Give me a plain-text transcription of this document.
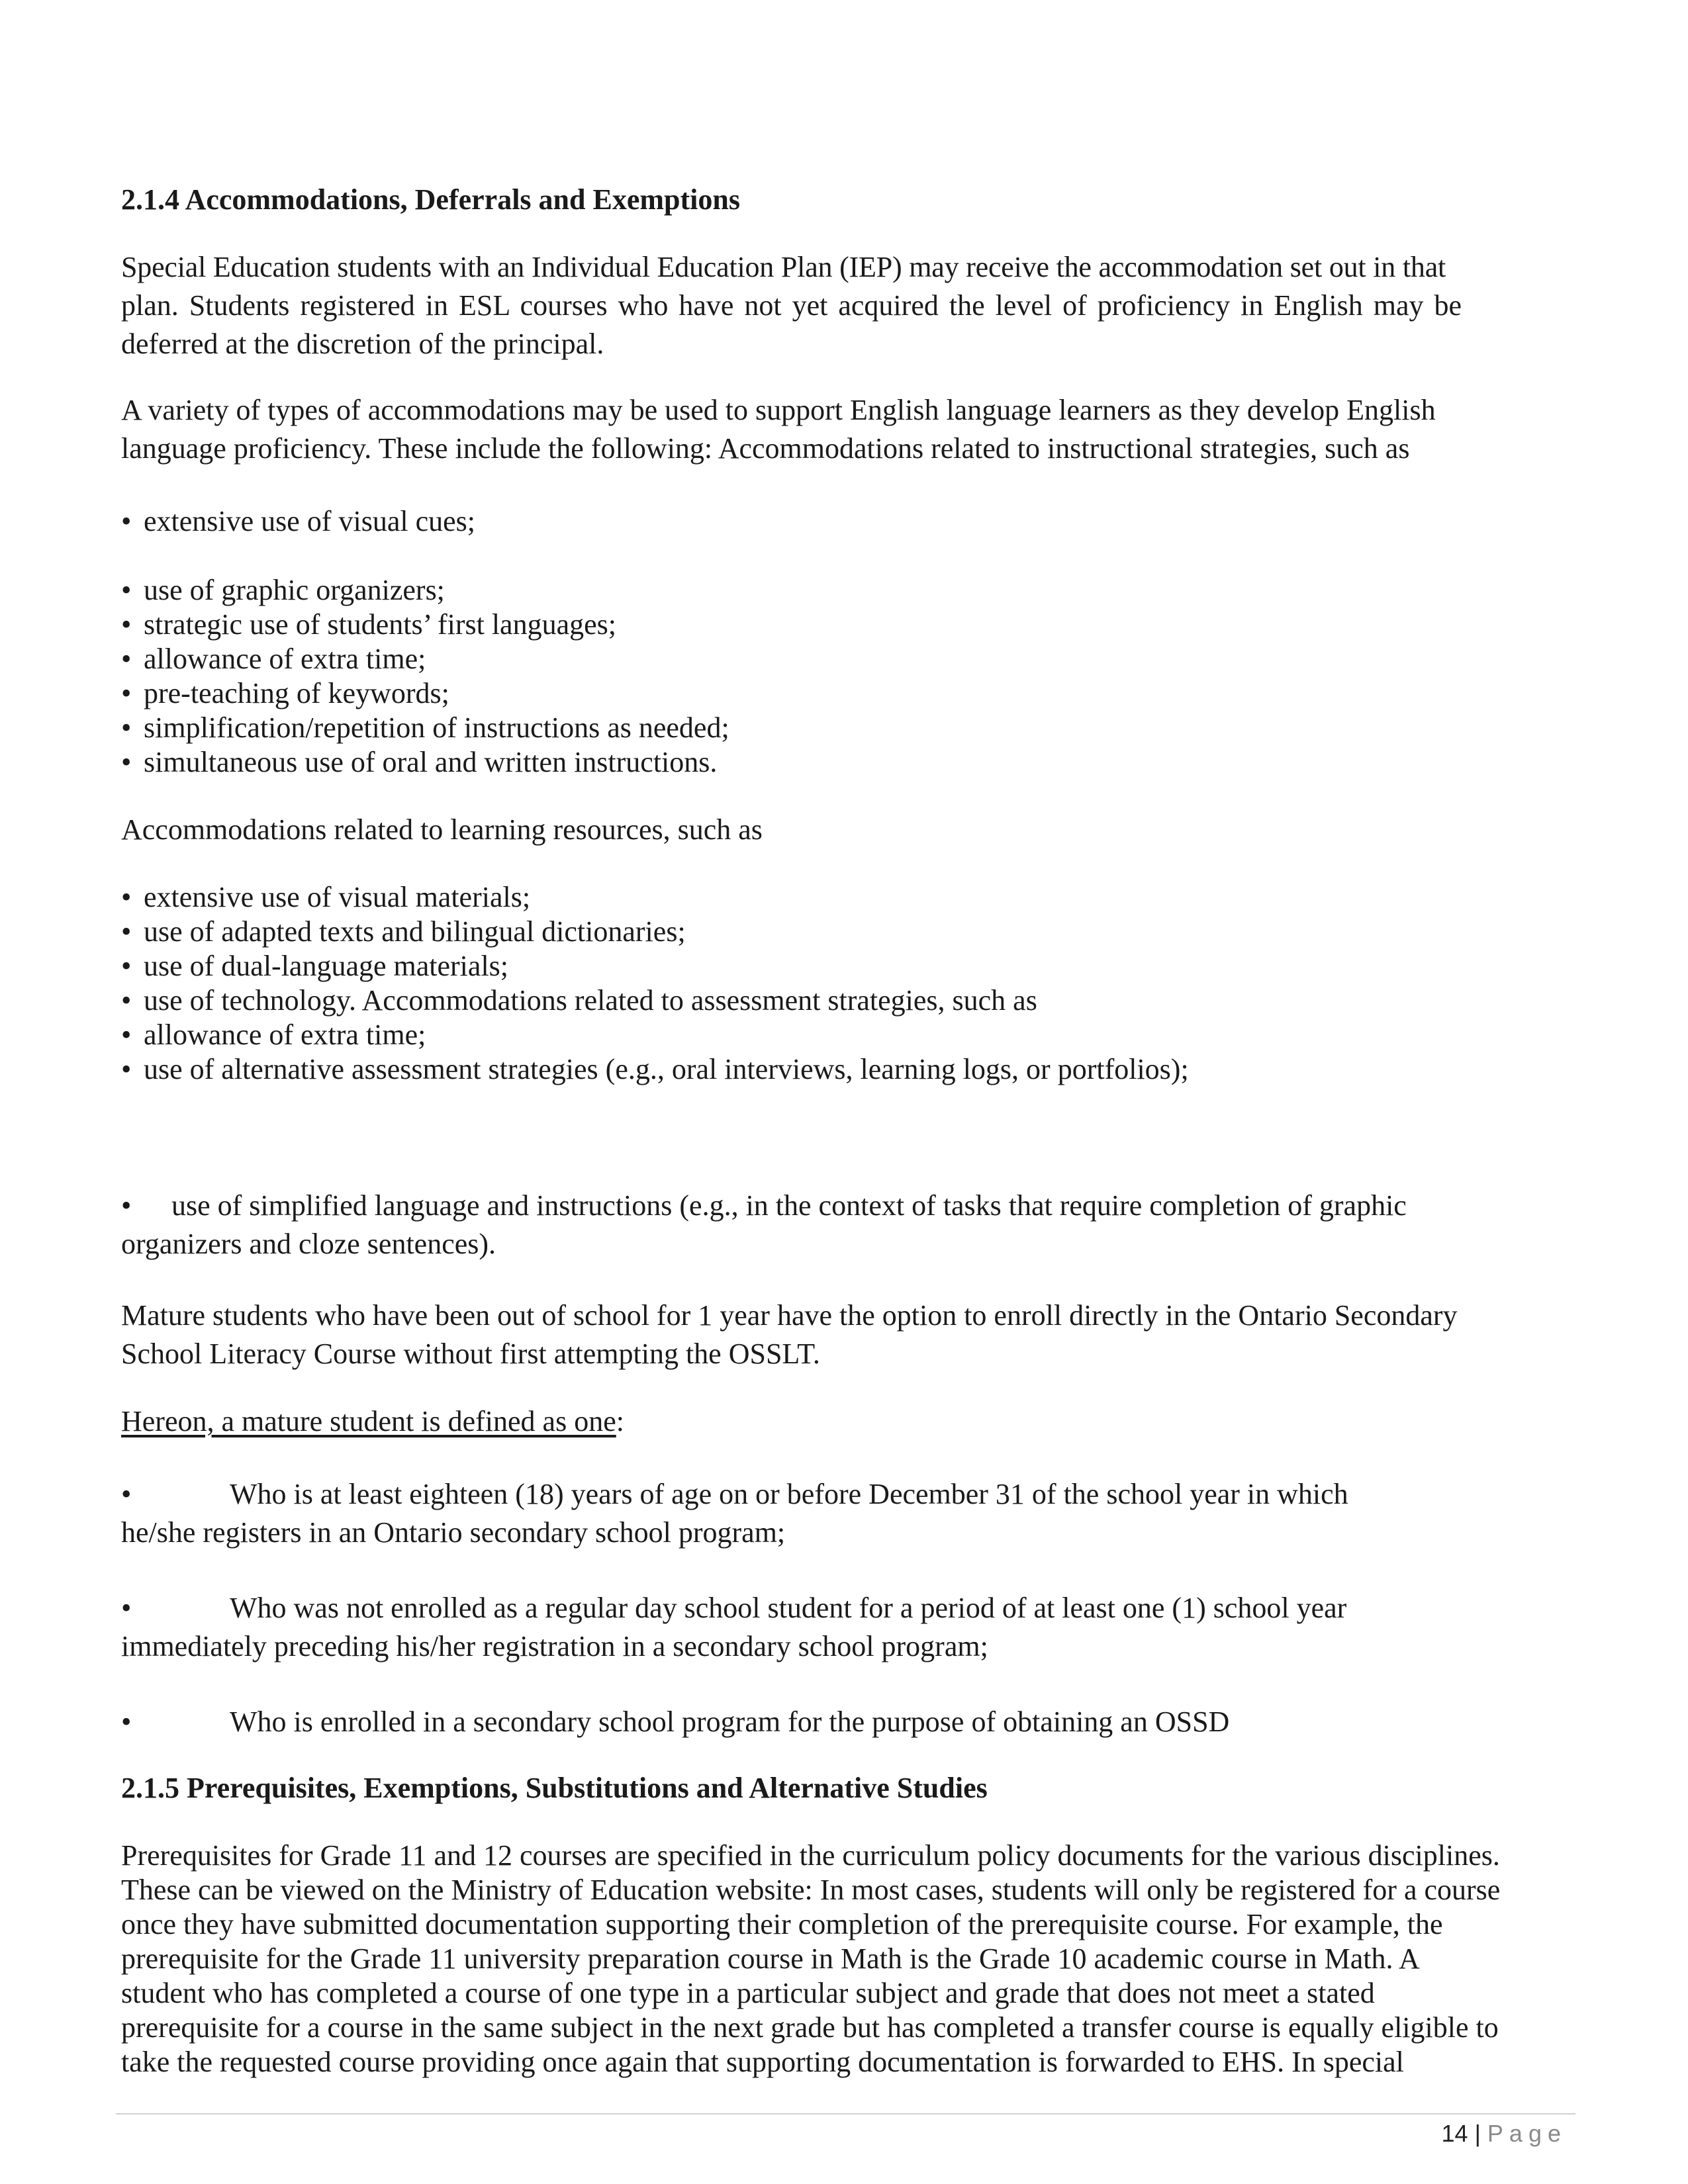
2.1.4 Accommodations, Deferrals and Exemptions
Special Education students with an Individual Education Plan (IEP) may receive the accommodation set out in that
plan. Students registered in ESL courses who have not yet acquired the level of proficiency in English may be
deferred at the discretion of the principal.
A variety of types of accommodations may be used to support English language learners as they develop English
language proficiency. These include the following: Accommodations related to instructional strategies, such as
• extensive use of visual cues;
• use of graphic organizers;
• strategic use of students’ first languages;
• allowance of extra time;
• pre-teaching of keywords;
• simplification/repetition of instructions as needed;
• simultaneous use of oral and written instructions.
Accommodations related to learning resources, such as
• extensive use of visual materials;
• use of adapted texts and bilingual dictionaries;
• use of dual-language materials;
• use of technology. Accommodations related to assessment strategies, such as
• allowance of extra time;
• use of alternative assessment strategies (e.g., oral interviews, learning logs, or portfolios);
• use of simplified language and instructions (e.g., in the context of tasks that require completion of graphic
organizers and cloze sentences).
Mature students who have been out of school for 1 year have the option to enroll directly in the Ontario Secondary
School Literacy Course without first attempting the OSSLT.
Hereon, a mature student is defined as one:
•	Who is at least eighteen (18) years of age on or before December 31 of the school year in which
he/she registers in an Ontario secondary school program;
•	Who was not enrolled as a regular day school student for a period of at least one (1) school year
immediately preceding his/her registration in a secondary school program;
•	Who is enrolled in a secondary school program for the purpose of obtaining an OSSD
2.1.5 Prerequisites, Exemptions, Substitutions and Alternative Studies
Prerequisites for Grade 11 and 12 courses are specified in the curriculum policy documents for the various disciplines.
These can be viewed on the Ministry of Education website: In most cases, students will only be registered for a course
once they have submitted documentation supporting their completion of the prerequisite course. For example, the
prerequisite for the Grade 11 university preparation course in Math is the Grade 10 academic course in Math. A
student who has completed a course of one type in a particular subject and grade that does not meet a stated
prerequisite for a course in the same subject in the next grade but has completed a transfer course is equally eligible to
take the requested course providing once again that supporting documentation is forwarded to EHS. In special
14 | Page
